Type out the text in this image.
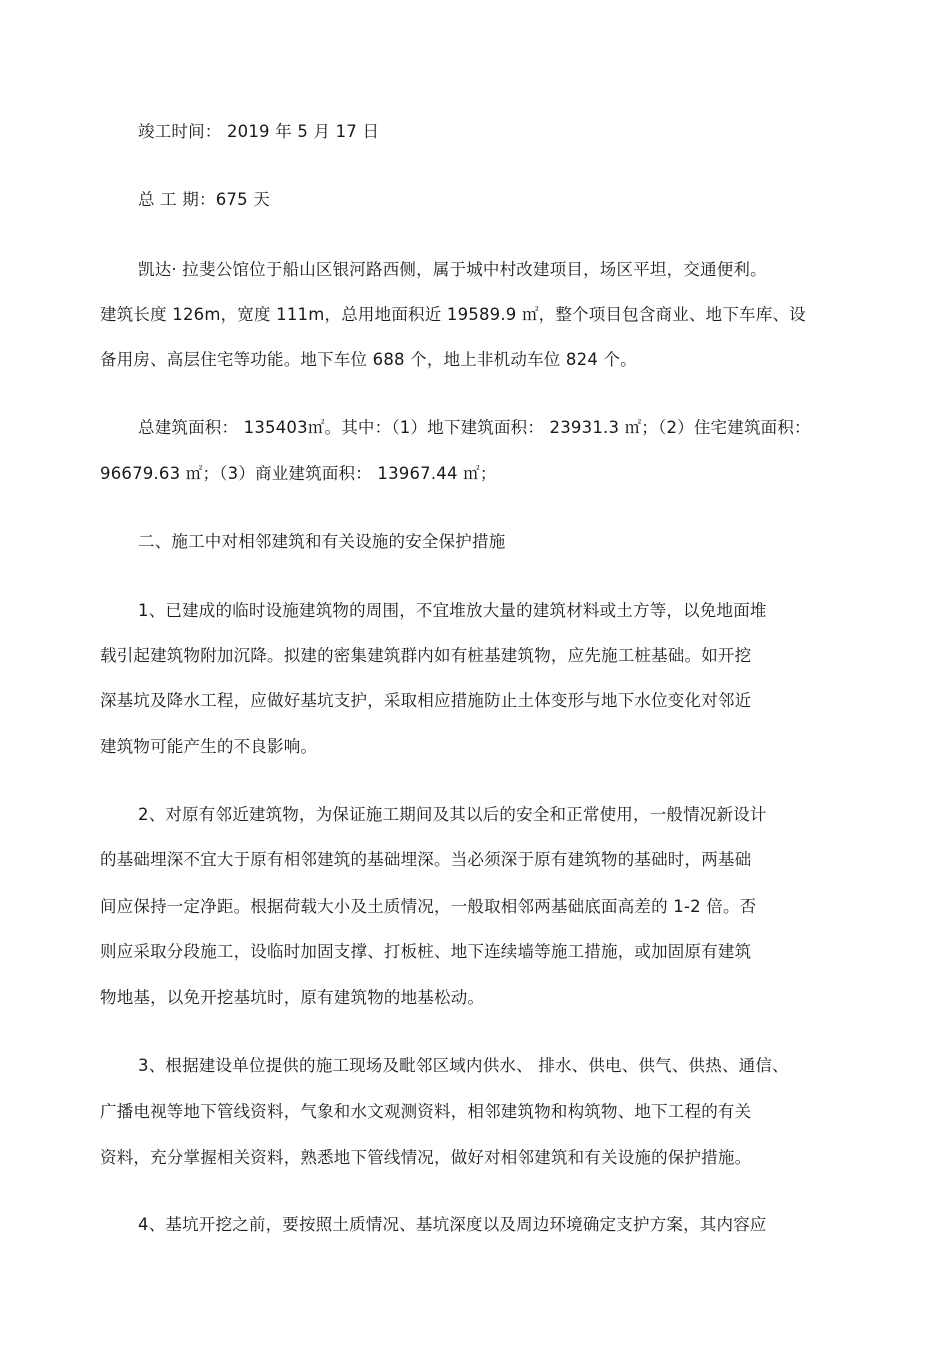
竣工时间： 2019 年 5 月 17 日
总 工 期：675 天
凯达· 拉斐公馆位于船山区银河路西侧，属于城中村改建项目，场区平坦，交通便利。
建筑长度 126m，宽度 111m，总用地面积近 19589.9 ㎡，整个项目包含商业、地下车库、设
备用房、高层住宅等功能。地下车位 688 个，地上非机动车位 824 个。
总建筑面积： 135403㎡。其中：（1）地下建筑面积： 23931.3 ㎡；（2）住宅建筑面积：
96679.63 ㎡；（3）商业建筑面积： 13967.44 ㎡；
二、施工中对相邻建筑和有关设施的安全保护措施
1、已建成的临时设施建筑物的周围，不宜堆放大量的建筑材料或土方等，以免地面堆
载引起建筑物附加沉降。拟建的密集建筑群内如有桩基建筑物，应先施工桩基础。如开挖
深基坑及降水工程，应做好基坑支护，采取相应措施防止土体变形与地下水位变化对邻近
建筑物可能产生的不良影响。
2、对原有邻近建筑物，为保证施工期间及其以后的安全和正常使用，一般情况新设计
的基础埋深不宜大于原有相邻建筑的基础埋深。当必须深于原有建筑物的基础时，两基础
间应保持一定净距。根据荷载大小及土质情况，一般取相邻两基础底面高差的 1-2 倍。否
则应采取分段施工，设临时加固支撑、打板桩、地下连续墙等施工措施，或加固原有建筑
物地基，以免开挖基坑时，原有建筑物的地基松动。
3、根据建设单位提供的施工现场及毗邻区域内供水、 排水、供电、供气、供热、通信、
广播电视等地下管线资料，气象和水文观测资料，相邻建筑物和构筑物、地下工程的有关
资料，充分掌握相关资料，熟悉地下管线情况，做好对相邻建筑和有关设施的保护措施。
4、基坑开挖之前，要按照土质情况、基坑深度以及周边环境确定支护方案，其内容应
